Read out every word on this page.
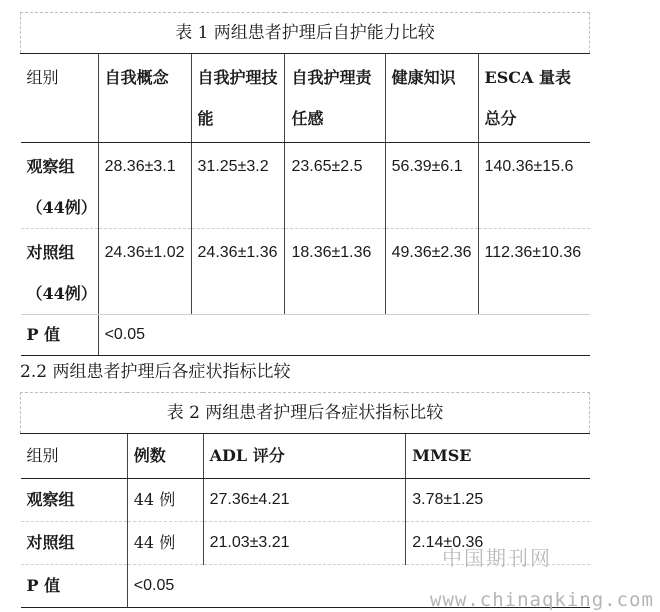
表 1 两组患者护理后自护能力比较					
组别	自我概念	自我护理技能	自我护理责任感	健康知识	ESCA 量表总分
观察组（44例）	28.36±3.1	31.25±3.2	23.65±2.5	56.39±6.1	140.36±15.6
对照组（44例）	24.36±1.02	24.36±1.36	18.36±1.36	49.36±2.36	112.36±10.36
P 值	<0.05				
2.2 两组患者护理后各症状指标比较
表 2 两组患者护理后各症状指标比较			
组别	例数	ADL 评分	MMSE
观察组	44 例	27.36±4.21	3.78±1.25
对照组	44 例	21.03±3.21	2.14±0.36
P 值	<0.05		
中国期刊网
www.chinaqking.com
